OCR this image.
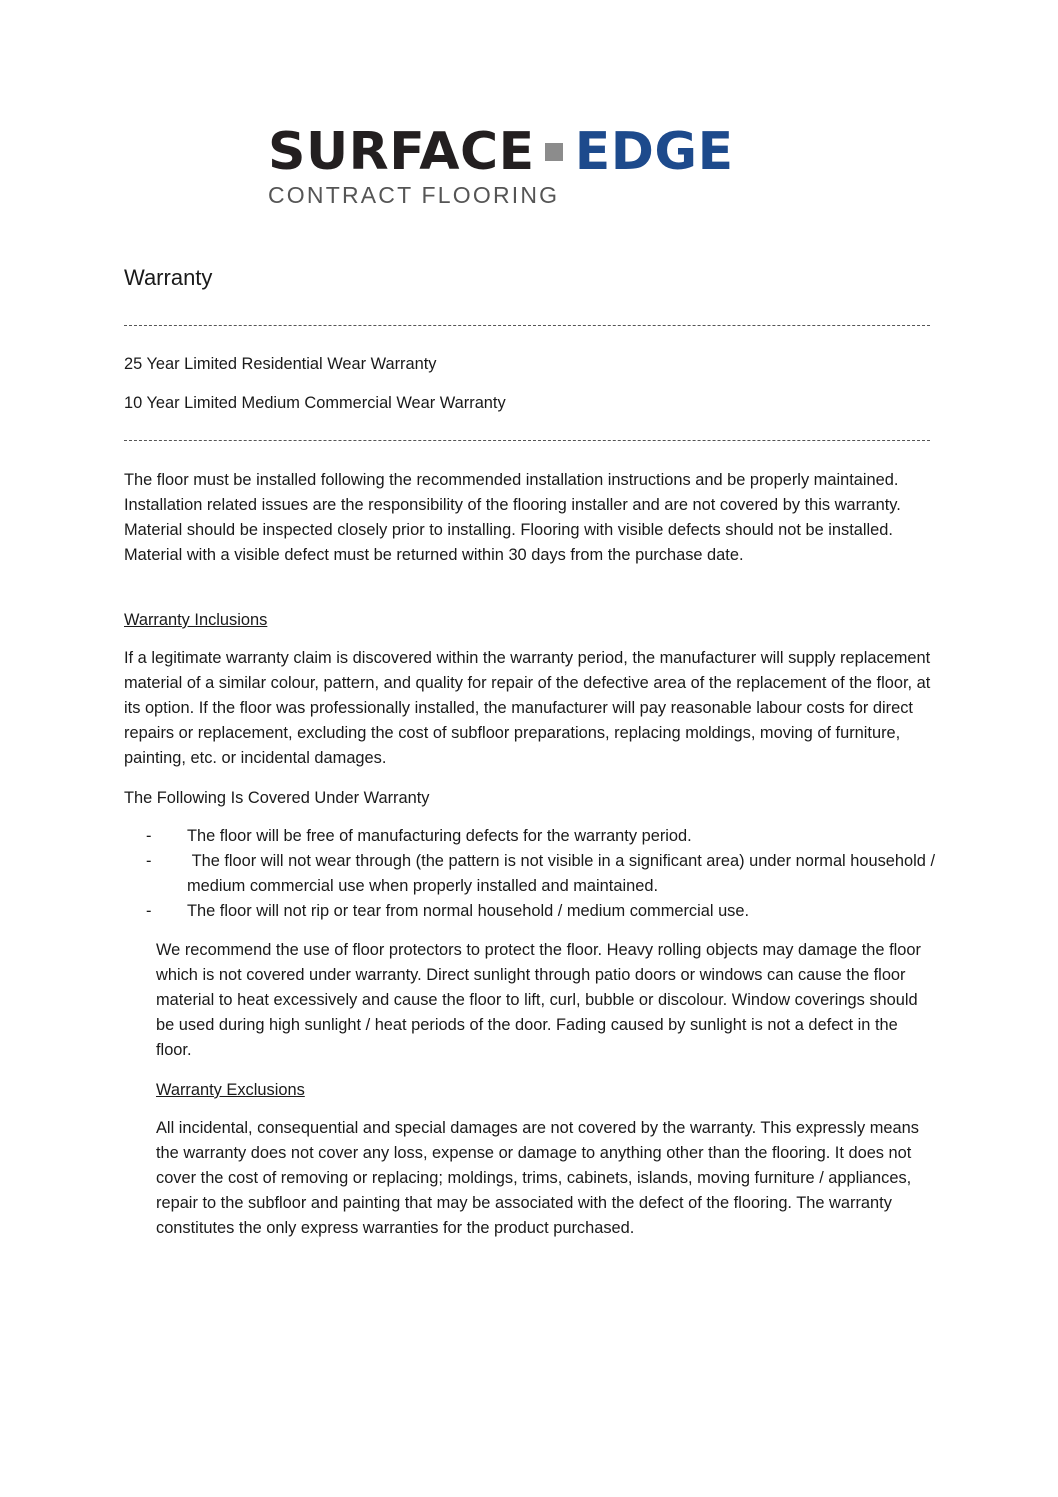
SURFACE EDGE
CONTRACT FLOORING
Warranty

25 Year Limited Residential Wear Warranty

10 Year Limited Medium Commercial Wear Warranty

The floor must be installed following the recommended installation instructions and be properly maintained. Installation related issues are the responsibility of the flooring installer and are not covered by this warranty. Material should be inspected closely prior to installing. Flooring with visible defects should not be installed. Material with a visible defect must be returned within 30 days from the purchase date.

Warranty Inclusions

If a legitimate warranty claim is discovered within the warranty period, the manufacturer will supply replacement material of a similar colour, pattern, and quality for repair of the defective area of the replacement of the floor, at its option. If the floor was professionally installed, the manufacturer will pay reasonable labour costs for direct repairs or replacement, excluding the cost of subfloor preparations, replacing moldings, moving of furniture, painting, etc. or incidental damages.

The Following Is Covered Under Warranty

-	The floor will be free of manufacturing defects for the warranty period.
-	The floor will not wear through (the pattern is not visible in a significant area) under normal household / medium commercial use when properly installed and maintained.
-	The floor will not rip or tear from normal household / medium commercial use.

We recommend the use of floor protectors to protect the floor. Heavy rolling objects may damage the floor which is not covered under warranty. Direct sunlight through patio doors or windows can cause the floor material to heat excessively and cause the floor to lift, curl, bubble or discolour. Window coverings should be used during high sunlight / heat periods of the door. Fading caused by sunlight is not a defect in the floor.

Warranty Exclusions

All incidental, consequential and special damages are not covered by the warranty. This expressly means the warranty does not cover any loss, expense or damage to anything other than the flooring. It does not cover the cost of removing or replacing; moldings, trims, cabinets, islands, moving furniture / appliances, repair to the subfloor and painting that may be associated with the defect of the flooring. The warranty constitutes the only express warranties for the product purchased.
